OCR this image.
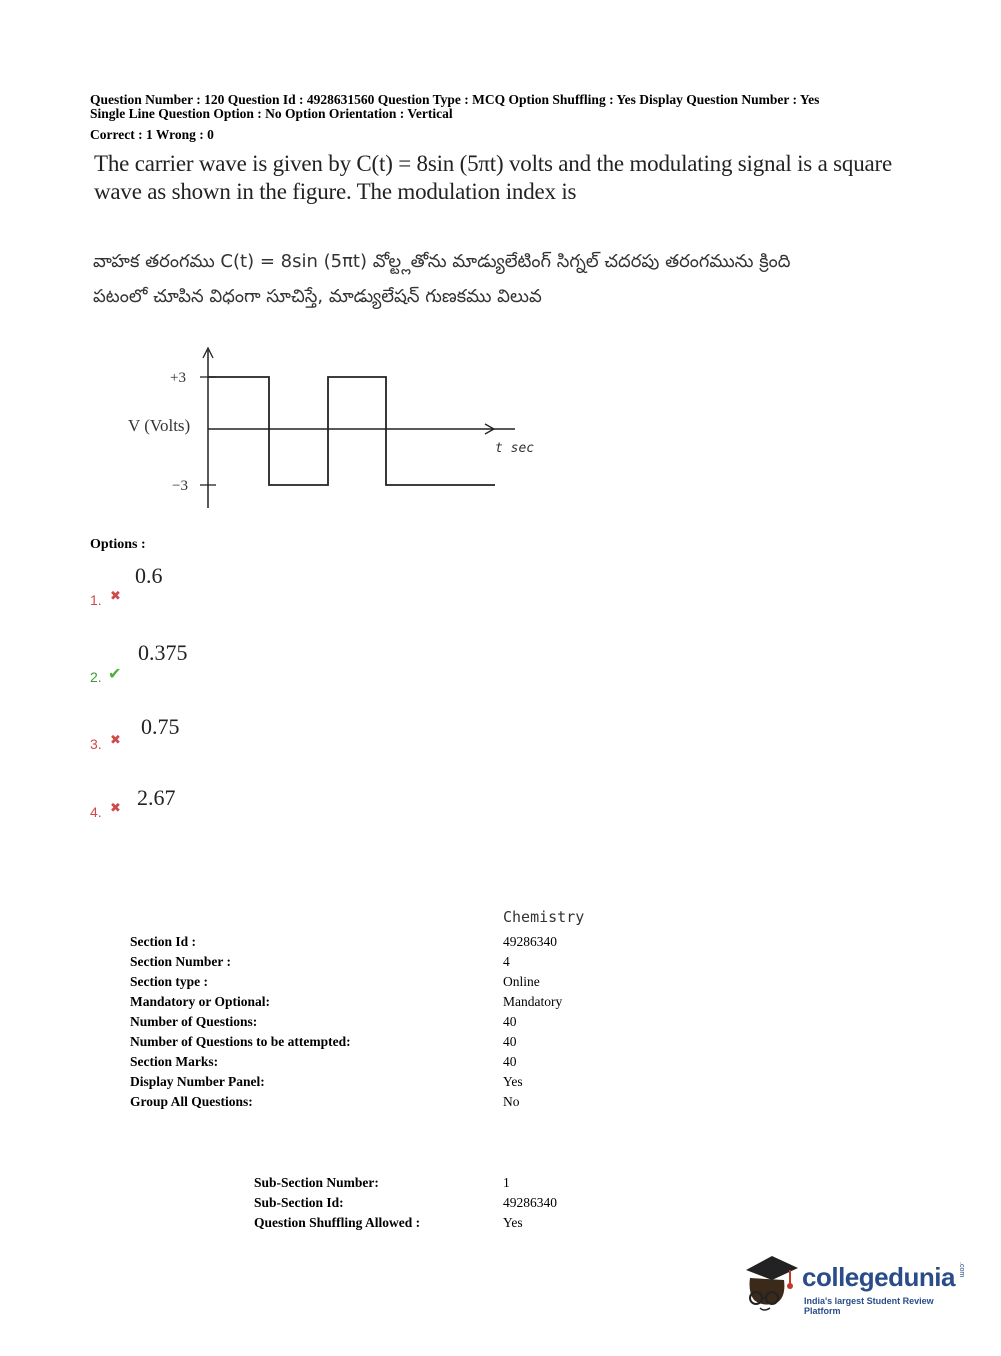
Question Number : 120 Question Id : 4928631560 Question Type : MCQ Option Shuffling : Yes Display Question Number : Yes
Single Line Question Option : No Option Orientation : Vertical
Correct : 1 Wrong : 0
The carrier wave is given by C(t) = 8sin (5πt) volts and the modulating signal is a square
wave as shown in the figure. The modulation index is
వాహక తరంగము C(t) = 8sin (5πt) వోల్ట్లతోను మాడ్యులేటింగ్ సిగ్నల్ చదరపు తరంగమును క్రింది
పటంలో చూపిన విధంగా సూచిస్తే, మాడ్యులేషన్ గుణకము విలువ
+3
−3
V (Volts)
t sec
Options :
1. ✖
0.6
2. ✔
0.375
3. ✖
0.75
4. ✖ 2.67
Chemistry
Section Id :	49286340
Section Number :	4
Section type :	Online
Mandatory or Optional:	Mandatory
Number of Questions:	40
Number of Questions to be attempted:	40
Section Marks:	40
Display Number Panel:	Yes
Group All Questions:	No
Sub-Section Number:	1
Sub-Section Id:	49286340
Question Shuffling Allowed :	Yes
collegedunia .com
India's largest Student Review Platform
